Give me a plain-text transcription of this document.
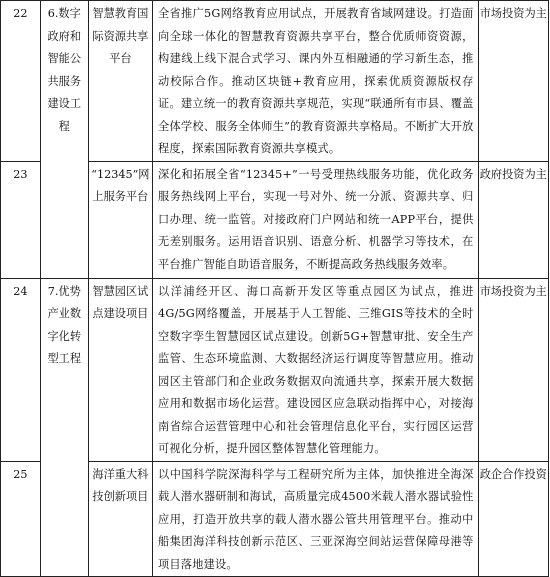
22	6.数字政府和智能公共服务建设工程	智慧教育国际资源共享平台	全省推广5G网络教育应用试点，开展教育省域网建设。打造面向全球一体化的智慧教育资源共享平台，整合优质师资资源，构建线上线下混合式学习、课内外互相融通的学习新生态，推动校际合作。推动区块链+教育应用，探索优质资源版权存证。建立统一的教育资源共享规范，实现“联通所有市县、覆盖全体学校、服务全体师生”的教育资源共享格局。不断扩大开放程度，探索国际教育资源共享模式。	市场投资为主
23		“12345”网上服务平台	深化和拓展全省“12345+”一号受理热线服务功能，优化政务服务热线网上平台，实现一号对外、统一分派、资源共享、归口办理、统一监管。对接政府门户网站和统一APP平台，提供无差别服务。运用语音识别、语意分析、机器学习等技术，在平台推广智能自助语音服务，不断提高政务热线服务效率。	政府投资为主
24	7.优势产业数字化转型工程	智慧园区试点建设项目	以洋浦经开区、海口高新开发区等重点园区为试点，推进4G/5G网络覆盖，开展基于人工智能、三维GIS等技术的全时空数字孪生智慧园区试点建设。创新5G+智慧审批、安全生产监管、生态环境监测、大数据经济运行调度等智慧应用。推动园区主管部门和企业政务数据双向流通共享，探索开展大数据应用和数据市场化运营。建设园区应急联动指挥中心，对接海南省综合运营管理中心和社会管理信息化平台，实行园区运营可视化分析，提升园区整体智慧化管理能力。	市场投资为主
25		海洋重大科技创新项目	以中国科学院深海科学与工程研究所为主体，加快推进全海深载人潜水器研制和海试，高质量完成4500米载人潜水器试验性应用，打造开放共享的载人潜水器公管共用管理平台。推动中船集团海洋科技创新示范区、三亚深海空间站运营保障母港等项目落地建设。	政企合作投资
